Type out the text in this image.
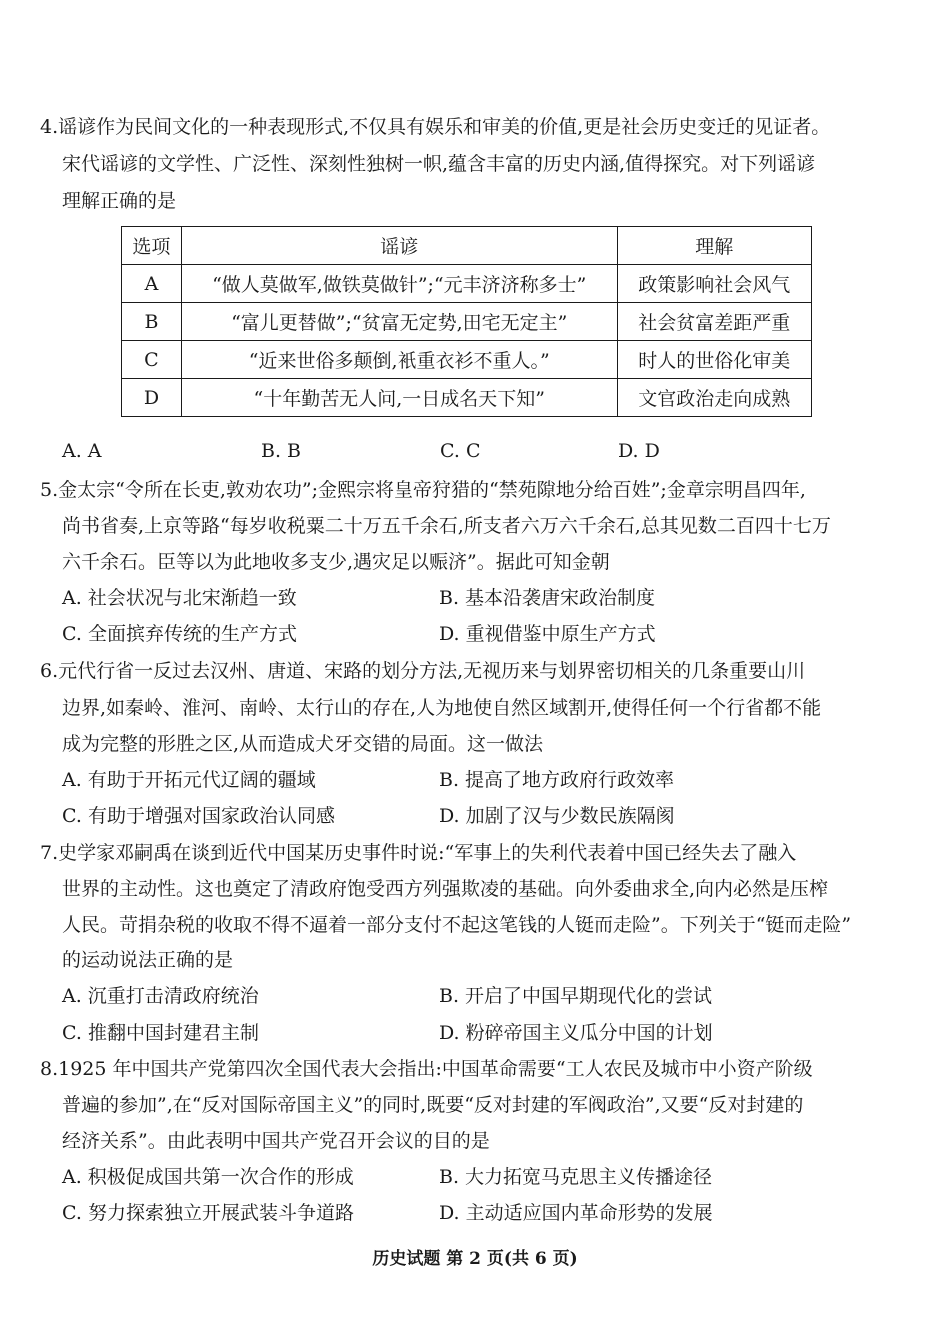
4.谣谚作为民间文化的一种表现形式,不仅具有娱乐和审美的价值,更是社会历史变迁的见证者。
宋代谣谚的文学性、广泛性、深刻性独树一帜,蕴含丰富的历史内涵,值得探究。对下列谣谚
理解正确的是
选项	谣谚	理解
A	“做人莫做军,做铁莫做针”;“元丰济济称多士”	政策影响社会风气
B	“富儿更替做”;“贫富无定势,田宅无定主”	社会贫富差距严重
C	“近来世俗多颠倒,衹重衣衫不重人。”	时人的世俗化审美
D	“十年勤苦无人问,一日成名天下知”	文官政治走向成熟
A. A	B. B	C. C	D. D
5.金太宗“令所在长吏,敦劝农功”;金熙宗将皇帝狩猎的“禁苑隙地分给百姓”;金章宗明昌四年,
尚书省奏,上京等路“每岁收税粟二十万五千余石,所支者六万六千余石,总其见数二百四十七万
六千余石。臣等以为此地收多支少,遇灾足以赈济”。据此可知金朝
A. 社会状况与北宋渐趋一致	B. 基本沿袭唐宋政治制度
C. 全面摈弃传统的生产方式	D. 重视借鉴中原生产方式
6.元代行省一反过去汉州、唐道、宋路的划分方法,无视历来与划界密切相关的几条重要山川
边界,如秦岭、淮河、南岭、太行山的存在,人为地使自然区域割开,使得任何一个行省都不能
成为完整的形胜之区,从而造成犬牙交错的局面。这一做法
A. 有助于开拓元代辽阔的疆域	B. 提高了地方政府行政效率
C. 有助于增强对国家政治认同感	D. 加剧了汉与少数民族隔阂
7.史学家邓嗣禹在谈到近代中国某历史事件时说:“军事上的失利代表着中国已经失去了融入
世界的主动性。这也奠定了清政府饱受西方列强欺凌的基础。向外委曲求全,向内必然是压榨
人民。苛捐杂税的收取不得不逼着一部分支付不起这笔钱的人铤而走险”。下列关于“铤而走险”
的运动说法正确的是
A. 沉重打击清政府统治	B. 开启了中国早期现代化的尝试
C. 推翻中国封建君主制	D. 粉碎帝国主义瓜分中国的计划
8.1925 年中国共产党第四次全国代表大会指出:中国革命需要“工人农民及城市中小资产阶级
普遍的参加”,在“反对国际帝国主义”的同时,既要“反对封建的军阀政治”,又要“反对封建的
经济关系”。由此表明中国共产党召开会议的目的是
A. 积极促成国共第一次合作的形成	B. 大力拓宽马克思主义传播途径
C. 努力探索独立开展武装斗争道路	D. 主动适应国内革命形势的发展
历史试题 第 2 页(共 6 页)
